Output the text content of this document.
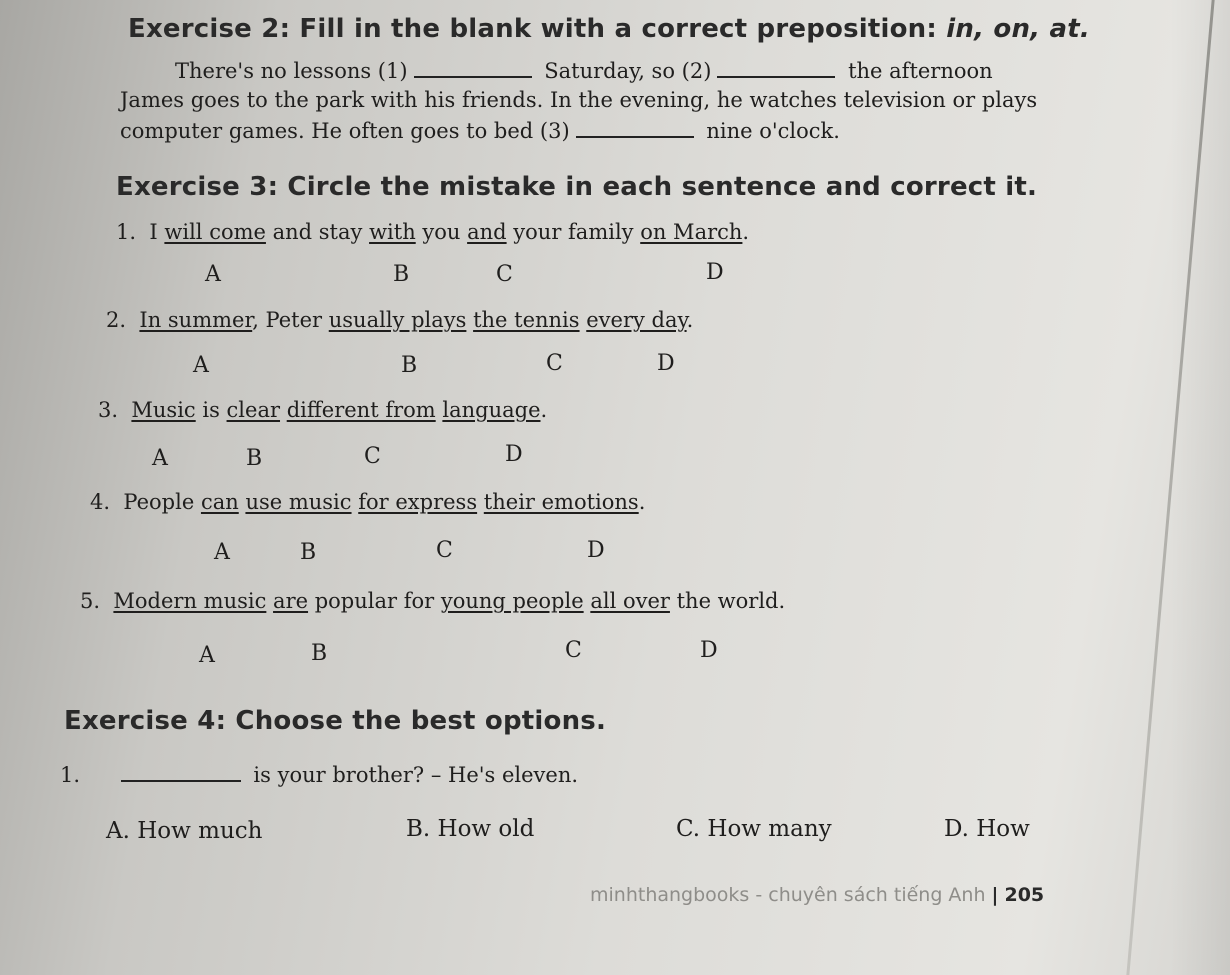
Exercise 2: Fill in the blank with a correct preposition: in, on, at.
There's no lessons (1)	Saturday, so (2)	the afternoon
James goes to the park with his friends. In the evening, he watches television or plays
computer games. He often goes to bed (3)	nine o'clock.
Exercise 3: Circle the mistake in each sentence and correct it.
1. I will come and stay with you and your family on March.
A	B	C	D
2. In summer, Peter usually plays the tennis every day.
A	B	C	D
3. Music is clear different from language.
A	B	C	D
4. People can use music for express their emotions.
A	B	C	D
5. Modern music are popular for young people all over the world.
A	B	C	D
Exercise 4: Choose the best options.
1.	is your brother? – He's eleven.
A. How much	B. How old	C. How many	D. How
minhthangbooks - chuyên sách tiếng Anh | 205
